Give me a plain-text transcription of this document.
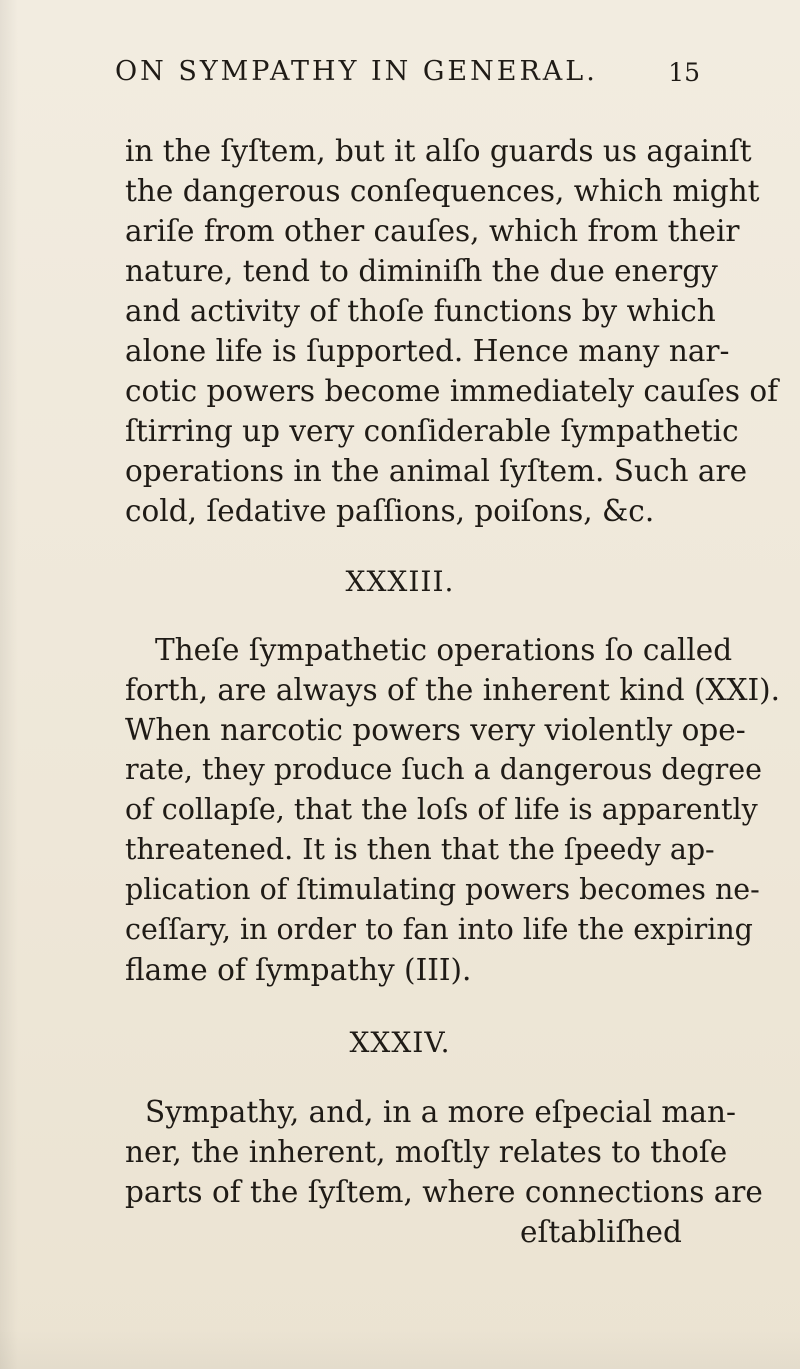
ON SYMPATHY IN GENERAL.	15
in the ſyſtem, but it alſo guards us againſt
the dangerous conſequences, which might
ariſe from other cauſes, which from their
nature, tend to diminiſh the due energy
and activity of thoſe functions by which
alone life is ſupported. Hence many nar-
cotic powers become immediately cauſes of
ſtirring up very conſiderable ſympathetic
operations in the animal ſyſtem. Such are
cold, ſedative paſſions, poiſons, &c.
XXXIII.
Theſe ſympathetic operations ſo called
forth, are always of the inherent kind (XXI).
When narcotic powers very violently ope-
rate, they produce ſuch a dangerous degree
of collapſe, that the loſs of life is apparently
threatened. It is then that the ſpeedy ap-
plication of ſtimulating powers becomes ne-
ceſſary, in order to fan into life the expiring
flame of ſympathy (III).
XXXIV.
Sympathy, and, in a more eſpecial man-
ner, the inherent, moſtly relates to thoſe
parts of the ſyſtem, where connections are
eſtabliſhed
